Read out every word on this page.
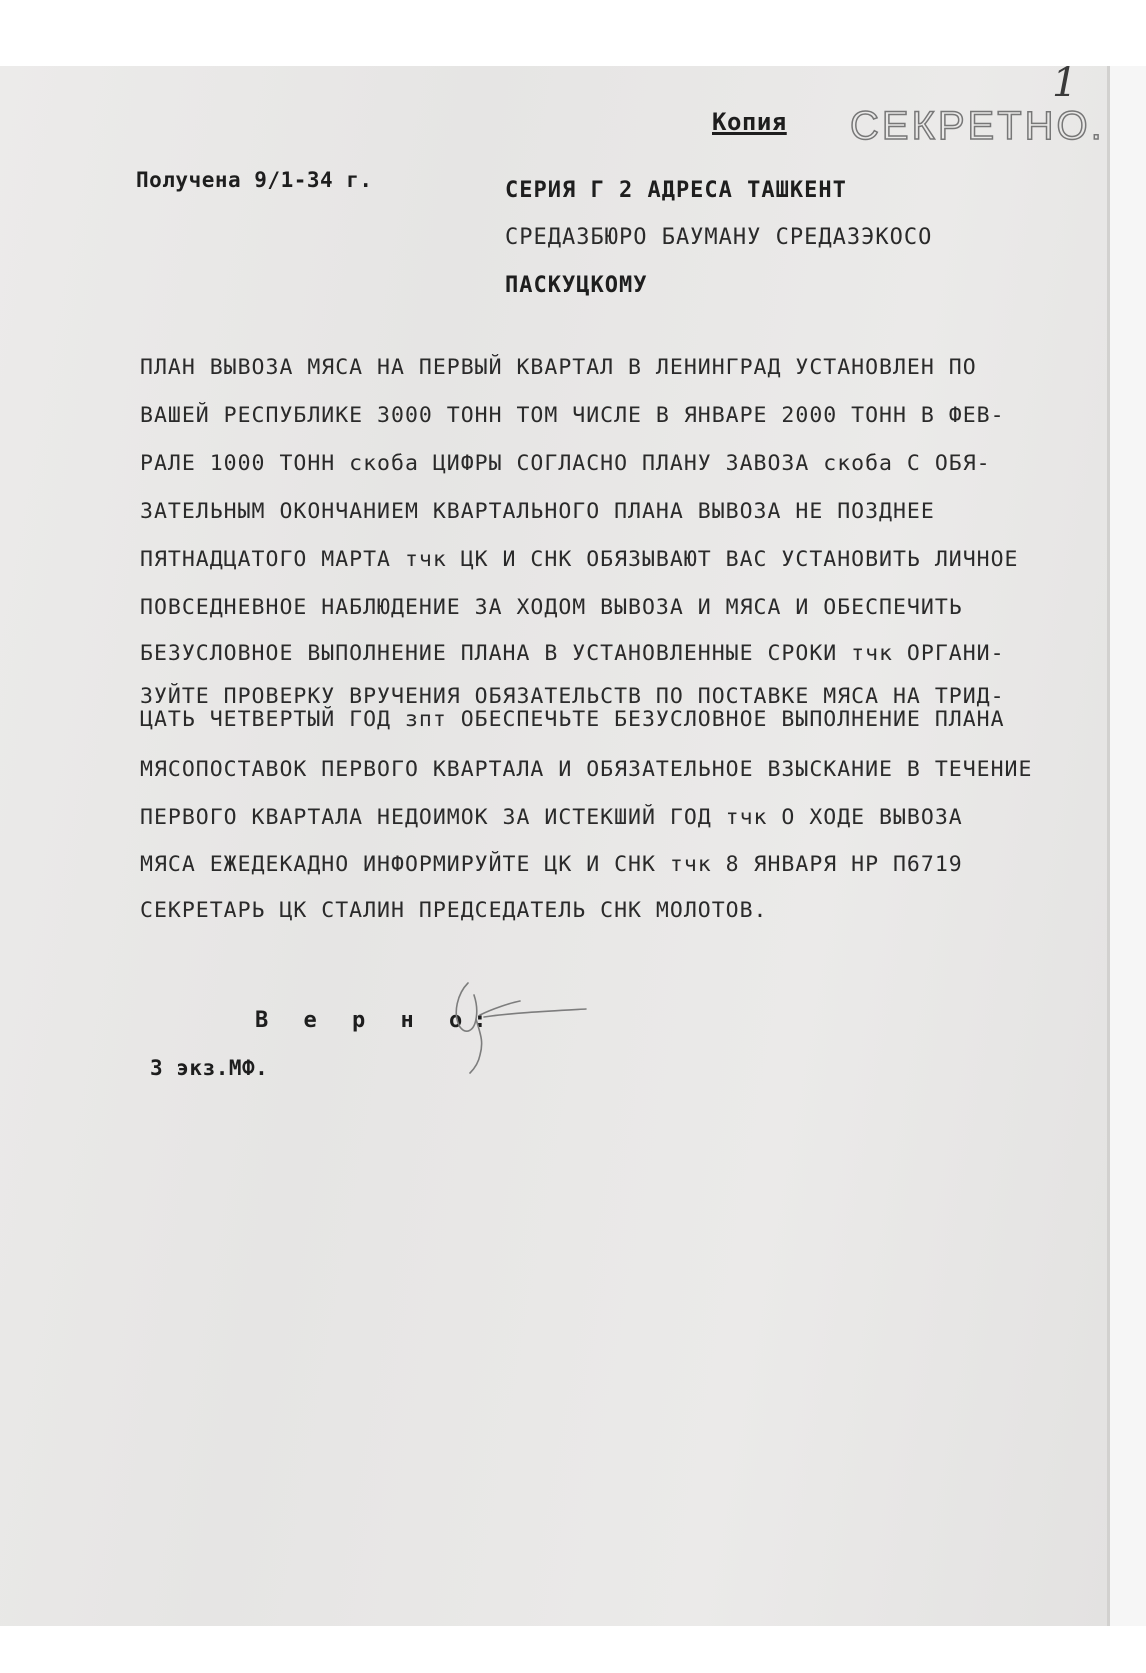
1
Копия СЕКРЕТНО.
Получена 9/1-34 г.	СЕРИЯ Г 2 АДРЕСА ТАШКЕНТ
СРЕДАЗБЮРО БАУМАНУ СРЕДАЗЭКОСО
ПАСКУЦКОМУ
ПЛАН ВЫВОЗА МЯСА НА ПЕРВЫЙ КВАРТАЛ В ЛЕНИНГРАД УСТАНОВЛЕН ПО
ВАШЕЙ РЕСПУБЛИКЕ 3000 ТОНН ТОМ ЧИСЛЕ В ЯНВАРЕ 2000 ТОНН В ФЕВ-
РАЛЕ 1000 ТОНН скоба ЦИФРЫ СОГЛАСНО ПЛАНУ ЗАВОЗА скоба С ОБЯ-
ЗАТЕЛЬНЫМ ОКОНЧАНИЕМ КВАРТАЛЬНОГО ПЛАНА ВЫВОЗА НЕ ПОЗДНЕЕ
ПЯТНАДЦАТОГО МАРТА тчк ЦК И СНК ОБЯЗЫВАЮТ ВАС УСТАНОВИТЬ ЛИЧНОЕ
ПОВСЕДНЕВНОЕ НАБЛЮДЕНИЕ ЗА ХОДОМ ВЫВОЗА И МЯСА И ОБЕСПЕЧИТЬ
БЕЗУСЛОВНОЕ ВЫПОЛНЕНИЕ ПЛАНА В УСТАНОВЛЕННЫЕ СРОКИ тчк ОРГАНИ-
ЗУЙТЕ ПРОВЕРКУ ВРУЧЕНИЯ ОБЯЗАТЕЛЬСТВ ПО ПОСТАВКЕ МЯСА НА ТРИД-
ЦАТЬ ЧЕТВЕРТЫЙ ГОД зпт ОБЕСПЕЧЬТЕ БЕЗУСЛОВНОЕ ВЫПОЛНЕНИЕ ПЛАНА
МЯСОПОСТАВОК ПЕРВОГО КВАРТАЛА И ОБЯЗАТЕЛЬНОЕ ВЗЫСКАНИЕ В ТЕЧЕНИЕ
ПЕРВОГО КВАРТАЛА НЕДОИМОК ЗА ИСТЕКШИЙ ГОД тчк О ХОДЕ ВЫВОЗА
МЯСА ЕЖЕДЕКАДНО ИНФОРМИРУЙТЕ ЦК И СНК тчк 8 ЯНВАРЯ НР П6719
СЕКРЕТАРЬ ЦК СТАЛИН ПРЕДСЕДАТЕЛЬ СНК МОЛОТОВ.
В е р н о:
3 экз.МФ.
